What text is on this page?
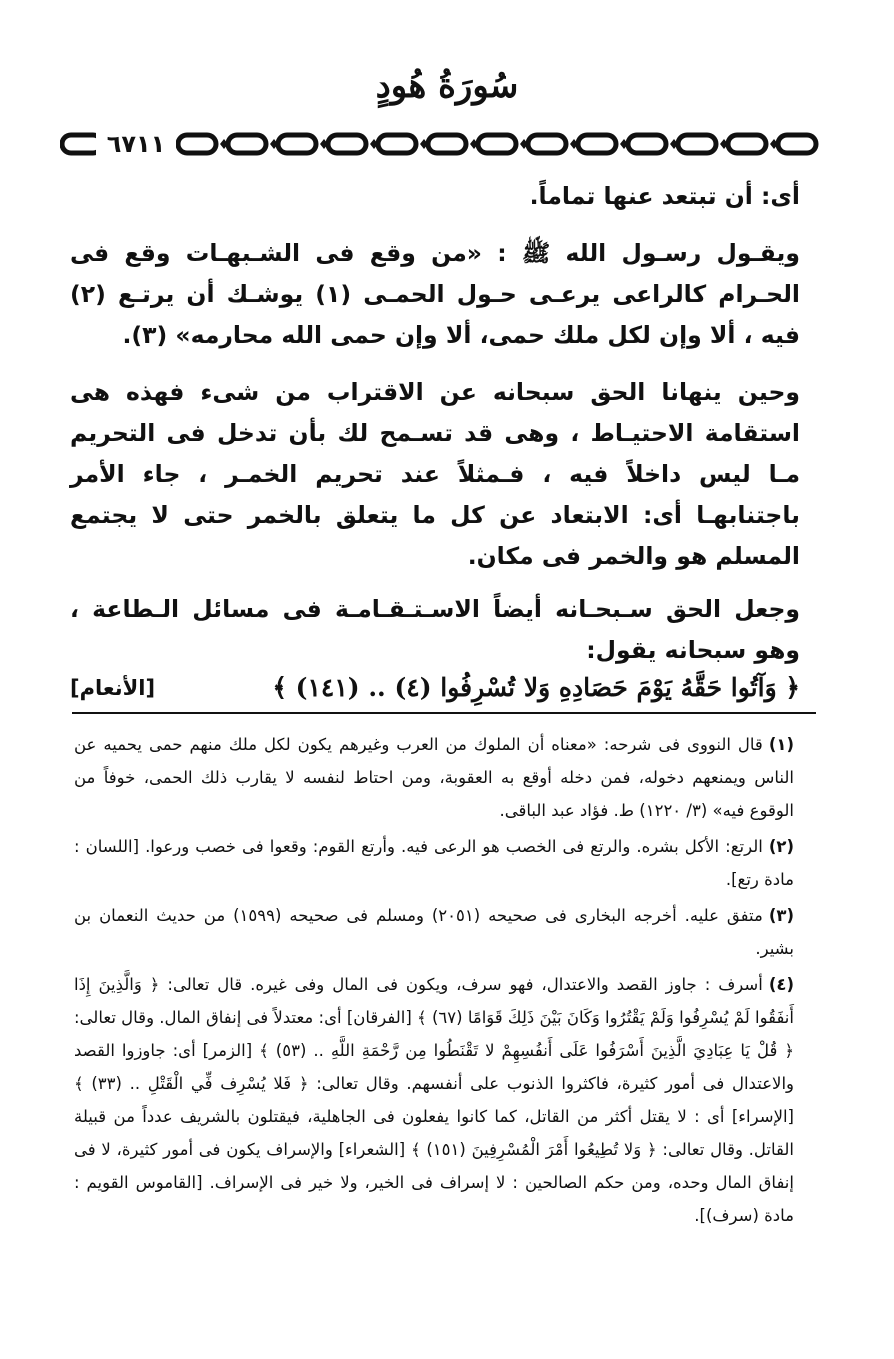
سُورَةُ هُودٍ
٦٧١١

أى: أن تبتعد عنها تماماً.

ويقـول رسـول الله ﷺ : «من وقع فى الشـبهـات وقع فى الحـرام كالراعى يرعـى حـول الحمـى (١) يوشـك أن يرتـع (٢) فيه ، ألا وإن لكل ملك حمى، ألا وإن حمى الله محارمه» (٣).

وحين ينهانا الحق سبحانه عن الاقتراب من شىء فهذه هى استقامة الاحتيـاط ، وهى قد تسـمح لك بأن تدخل فى التحريم مـا ليس داخلاً فيه ، فـمثلاً عند تحريم الخمـر ، جاء الأمر باجتنابهـا أى: الابتعاد عن كل ما يتعلق بالخمر حتى لا يجتمع المسلم هو والخمر فى مكان.

وجعل الحق سـبحـانه أيضاً الاسـتـقـامـة فى مسائل الـطاعة ، وهو سبحانه يقول:

﴿ وَآتُوا حَقَّهُ يَوْمَ حَصَادِهِ وَلا تُسْرِفُوا (٤) .. (١٤١) ﴾
[الأنعام]

(١)قال النووى فى شرحه: «معناه أن الملوك من العرب وغيرهم يكون لكل ملك منهم حمى يحميه عن الناس ويمنعهم دخوله، فمن دخله أوقع به العقوبة، ومن احتاط لنفسه لا يقارب ذلك الحمى، خوفاً من الوقوع فيه» (٣/ ١٢٢٠) ط. فؤاد عبد الباقى.

(٢)الرتع: الأكل بشره. والرتع فى الخصب هو الرعى فيه. وأرتع القوم: وقعوا فى خصب ورعوا. [اللسان : مادة رتع].

(٣)متفق عليه. أخرجه البخارى فى صحيحه (٢٠٥١) ومسلم فى صحيحه (١٥٩٩) من حديث النعمان بن بشير.

(٤)أسرف : جاوز القصد والاعتدال، فهو سرف، ويكون فى المال وفى غيره. قال تعالى: ﴿ وَالَّذِينَ إِذَا أَنفَقُوا لَمْ يُسْرِفُوا وَلَمْ يَقْتُرُوا وَكَانَ بَيْنَ ذَلِكَ قَوَامًا (٦٧) ﴾ [الفرقان] أى: معتدلاً فى إنفاق المال. وقال تعالى: ﴿ قُلْ يَا عِبَادِيَ الَّذِينَ أَسْرَفُوا عَلَى أَنفُسِهِمْ لا تَقْنَطُوا مِن رَّحْمَةِ اللَّهِ .. (٥٣) ﴾ [الزمر] أى: جاوزوا القصد والاعتدال فى أمور كثيرة، فاكثروا الذنوب على أنفسهم. وقال تعالى: ﴿ فَلا يُسْرِف فِّي الْقَتْلِ .. (٣٣) ﴾ [الإسراء] أى : لا يقتل أكثر من القاتل، كما كانوا يفعلون فى الجاهلية، فيقتلون بالشريف عدداً من قبيلة القاتل. وقال تعالى: ﴿ وَلا تُطِيعُوا أَمْرَ الْمُسْرِفِينَ (١٥١) ﴾ [الشعراء] والإسراف يكون فى أمور كثيرة، لا فى إنفاق المال وحده، ومن حكم الصالحين : لا إسراف فى الخير، ولا خير فى الإسراف. [القاموس القويم : مادة (سرف)].
